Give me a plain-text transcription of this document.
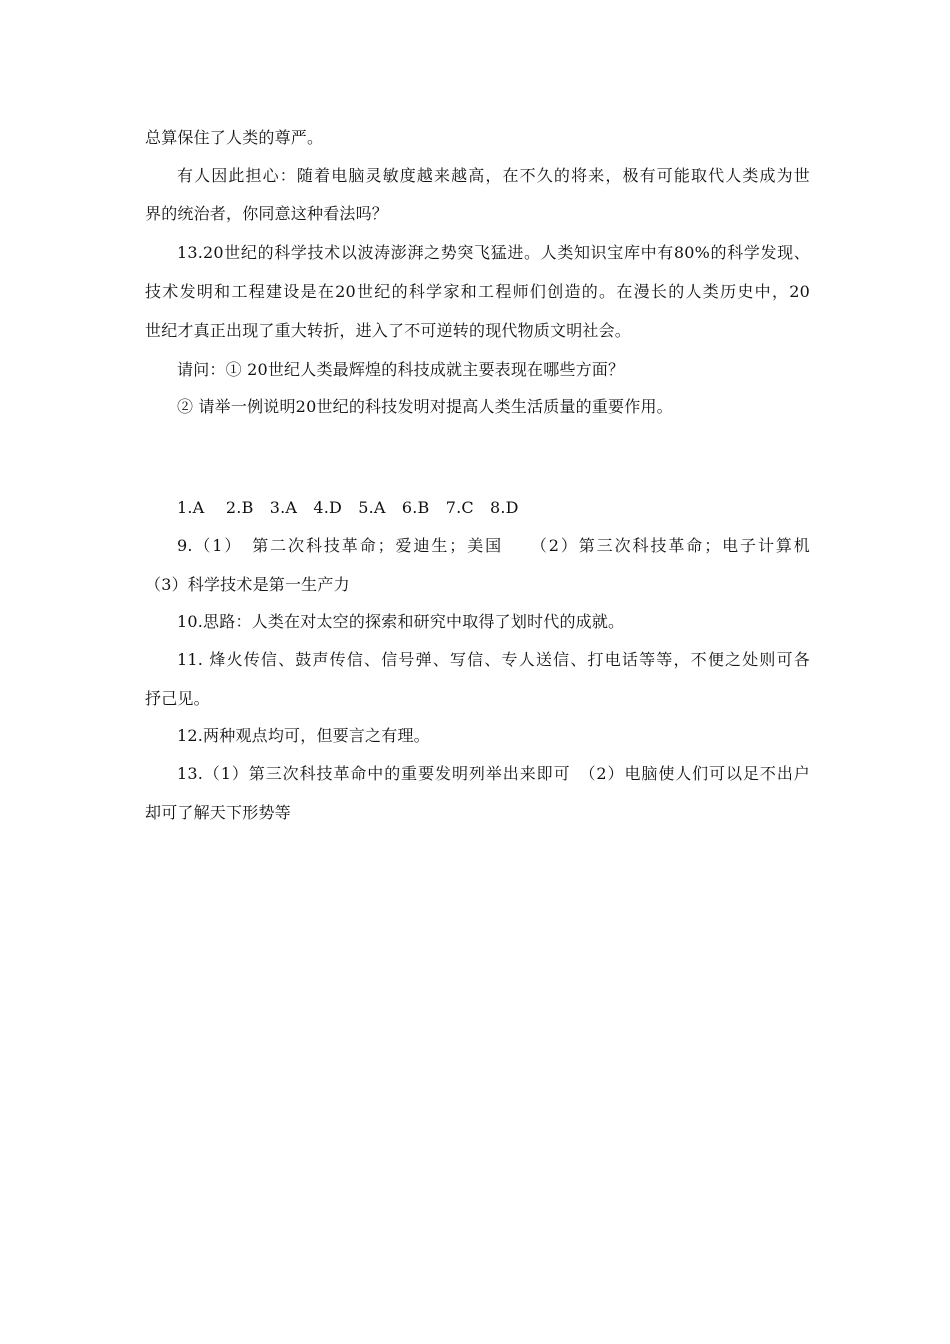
总算保住了人类的尊严。
有人因此担心：随着电脑灵敏度越来越高，在不久的将来，极有可能取代人类成为世
界的统治者，你同意这种看法吗？
13.20世纪的科学技术以波涛澎湃之势突飞猛进。人类知识宝库中有80%的科学发现、
技术发明和工程建设是在20世纪的科学家和工程师们创造的。在漫长的人类历史中，20
世纪才真正出现了重大转折，进入了不可逆转的现代物质文明社会。
请问：① 20世纪人类最辉煌的科技成就主要表现在哪些方面？
② 请举一例说明20世纪的科技发明对提高人类生活质量的重要作用。
1.A　 2.B　3.A　4.D　5.A　6.B　7.C　8.D
9.（1）　第二次科技革命；爱迪生；美国　　（2）第三次科技革命；电子计算机
（3）科学技术是第一生产力
10.思路：人类在对太空的探索和研究中取得了划时代的成就。
11. 烽火传信、鼓声传信、信号弹、写信、专人送信、打电话等等，不便之处则可各
抒己见。
12.两种观点均可，但要言之有理。
13.（1）第三次科技革命中的重要发明列举出来即可　（2）电脑使人们可以足不出户
却可了解天下形势等
